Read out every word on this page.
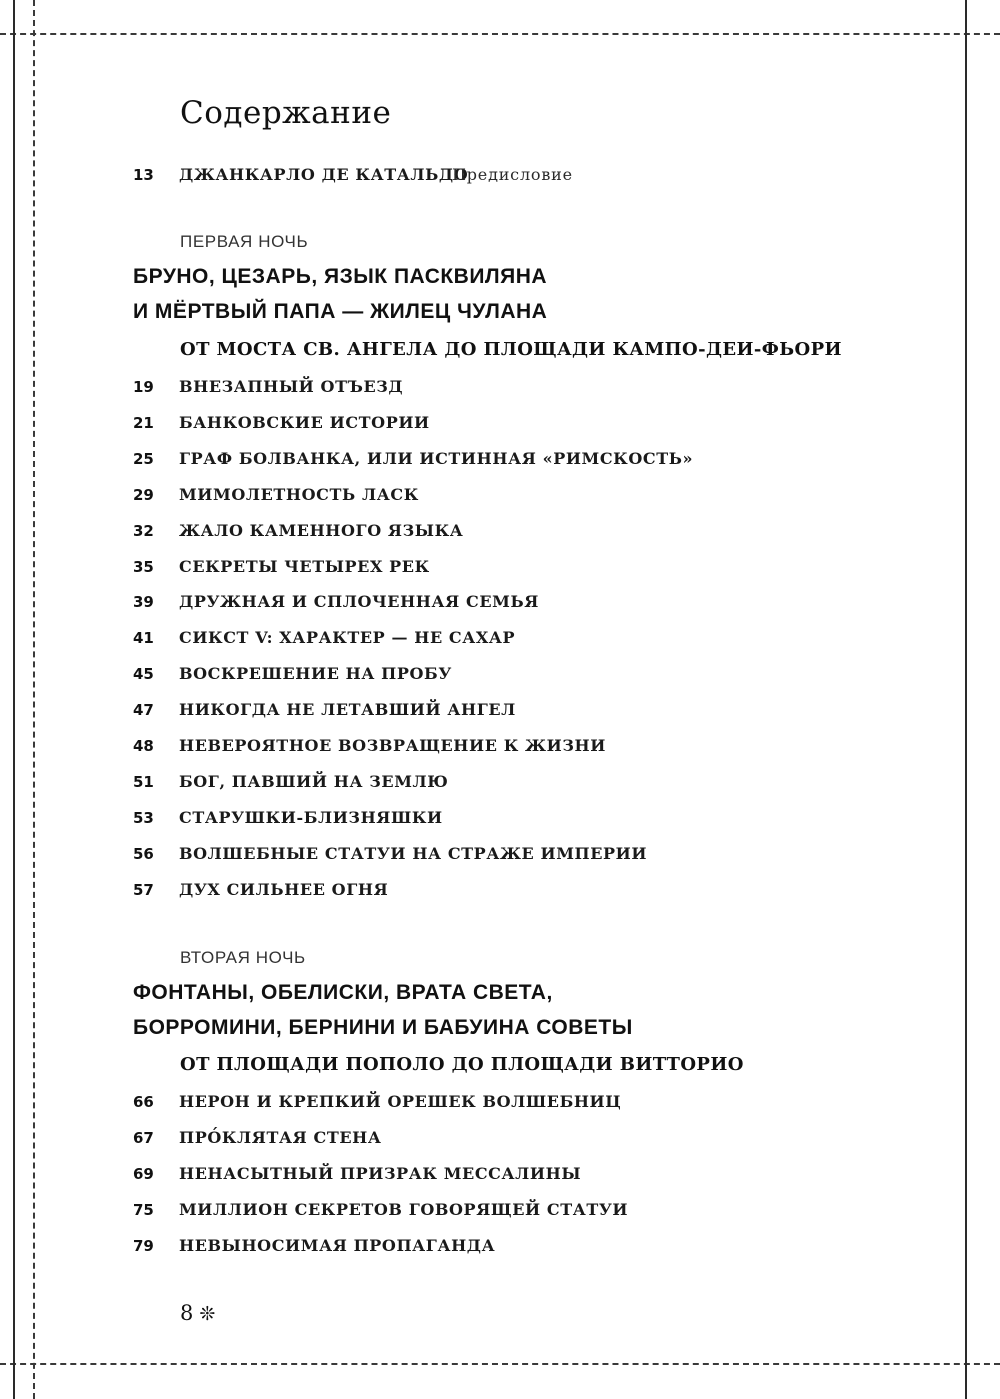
Содержание
13 ДЖАНКАРЛО ДЕ КАТАЛЬДО
Предисловие
ПЕРВАЯ НОЧЬ
БРУНО, ЦЕЗАРЬ, ЯЗЫК ПАСКВИЛЯНА
И МЁРТВЫЙ ПАПА — ЖИЛЕЦ ЧУЛАНА
ОТ МОСТА СВ. АНГЕЛА ДО ПЛОЩАДИ КАМПО-ДЕИ-ФЬОРИ
19 ВНЕЗАПНЫЙ ОТЪЕЗД
21 БАНКОВСКИЕ ИСТОРИИ
25 ГРАФ БОЛВАНКА, ИЛИ ИСТИННАЯ «РИМСКОСТЬ»
29 МИМОЛЕТНОСТЬ ЛАСК
32 ЖАЛО КАМЕННОГО ЯЗЫКА
35 СЕКРЕТЫ ЧЕТЫРЕХ РЕК
39 ДРУЖНАЯ И СПЛОЧЕННАЯ СЕМЬЯ
41 СИКСТ V: ХАРАКТЕР — НЕ САХАР
45 ВОСКРЕШЕНИЕ НА ПРОБУ
47 НИКОГДА НЕ ЛЕТАВШИЙ АНГЕЛ
48 НЕВЕРОЯТНОЕ ВОЗВРАЩЕНИЕ К ЖИЗНИ
51 БОГ, ПАВШИЙ НА ЗЕМЛЮ
53 СТАРУШКИ-БЛИЗНЯШКИ
56 ВОЛШЕБНЫЕ СТАТУИ НА СТРАЖЕ ИМПЕРИИ
57 ДУХ СИЛЬНЕЕ ОГНЯ
ВТОРАЯ НОЧЬ
ФОНТАНЫ, ОБЕЛИСКИ, ВРАТА СВЕТА,
БОРРОМИНИ, БЕРНИНИ И БАБУИНА СОВЕТЫ
ОТ ПЛОЩАДИ ПОПОЛО ДО ПЛОЩАДИ ВИТТОРИО
66 НЕРОН И КРЕПКИЙ ОРЕШЕК ВОЛШЕБНИЦ
67 ПРО́КЛЯТАЯ СТЕНА
69 НЕНАСЫТНЫЙ ПРИЗРАК МЕССАЛИНЫ
75 МИЛЛИОН СЕКРЕТОВ ГОВОРЯЩЕЙ СТАТУИ
79 НЕВЫНОСИМАЯ ПРОПАГАНДА
8 ❊
